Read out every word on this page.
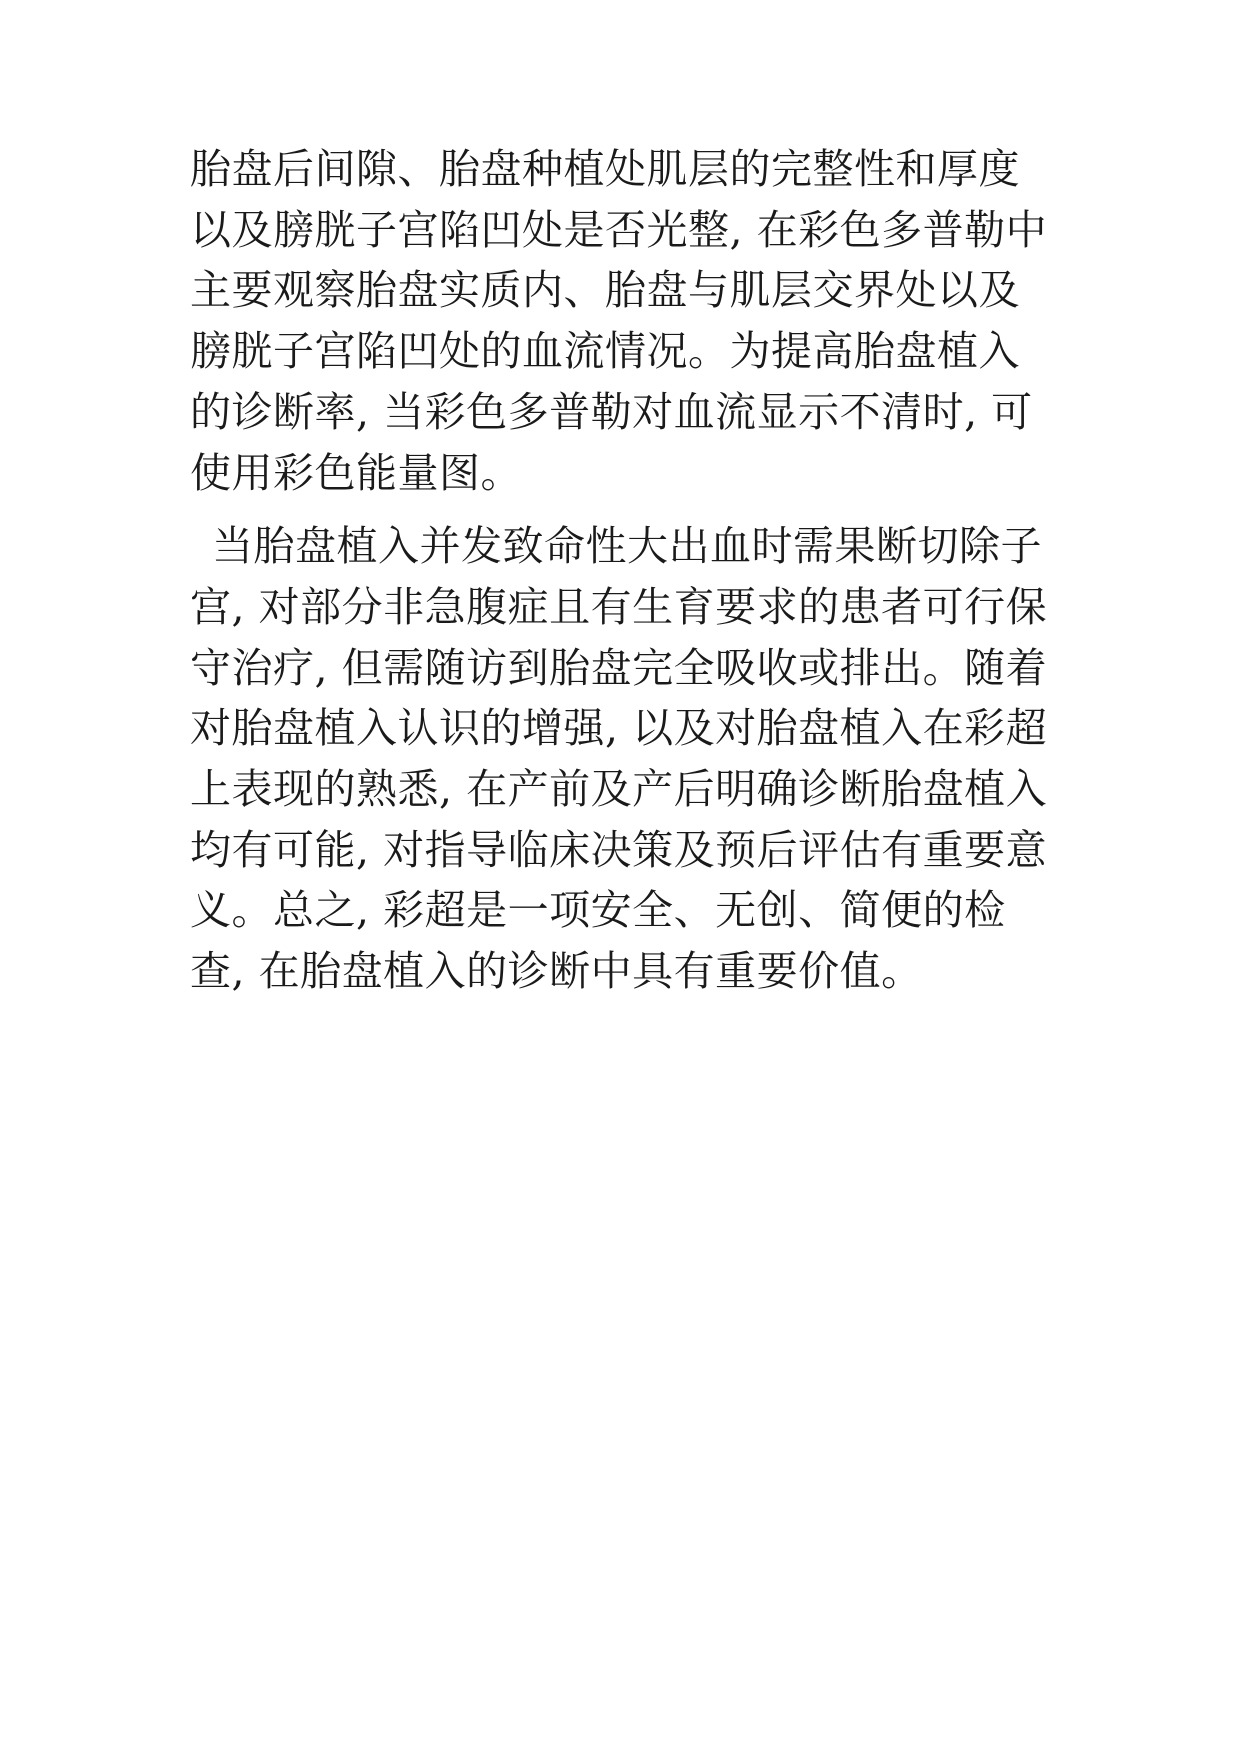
胎盘后间隙、胎盘种植处肌层的完整性和厚度以及膀胱子宫陷凹处是否光整, 在彩色多普勒中主要观察胎盘实质内、胎盘与肌层交界处以及膀胱子宫陷凹处的血流情况。为提高胎盘植入的诊断率, 当彩色多普勒对血流显示不清时, 可使用彩色能量图。

当胎盘植入并发致命性大出血时需果断切除子宫, 对部分非急腹症且有生育要求的患者可行保守治疗, 但需随访到胎盘完全吸收或排出。随着对胎盘植入认识的增强, 以及对胎盘植入在彩超上表现的熟悉, 在产前及产后明确诊断胎盘植入均有可能, 对指导临床决策及预后评估有重要意义。总之, 彩超是一项安全、无创、简便的检查, 在胎盘植入的诊断中具有重要价值。
